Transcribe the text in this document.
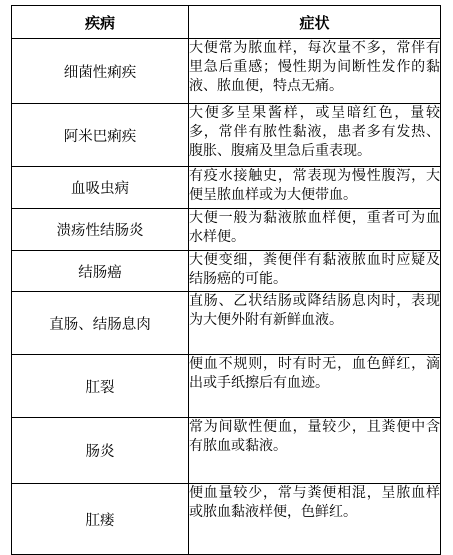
疾病	症状
细菌性痢疾	大便常为脓血样，每次量不多，常伴有里急后重感；慢性期为间断性发作的黏液、脓血便，特点无痛。
阿米巴痢疾	大便多呈果酱样，或呈暗红色，量较多，常伴有脓性黏液，患者多有发热、腹胀、腹痛及里急后重表现。
血吸虫病	有疫水接触史，常表现为慢性腹泻，大便呈脓血样或为大便带血。
溃疡性结肠炎	大便一般为黏液脓血样便，重者可为血水样便。
结肠癌	大便变细，粪便伴有黏液脓血时应疑及结肠癌的可能。
直肠、结肠息肉	直肠、乙状结肠或降结肠息肉时，表现为大便外附有新鲜血液。
肛裂	便血不规则，时有时无，血色鲜红，滴出或手纸擦后有血迹。
肠炎	常为间歇性便血，量较少，且粪便中含有脓血或黏液。
肛瘘	便血量较少，常与粪便相混，呈脓血样或脓血黏液样便，色鲜红。
